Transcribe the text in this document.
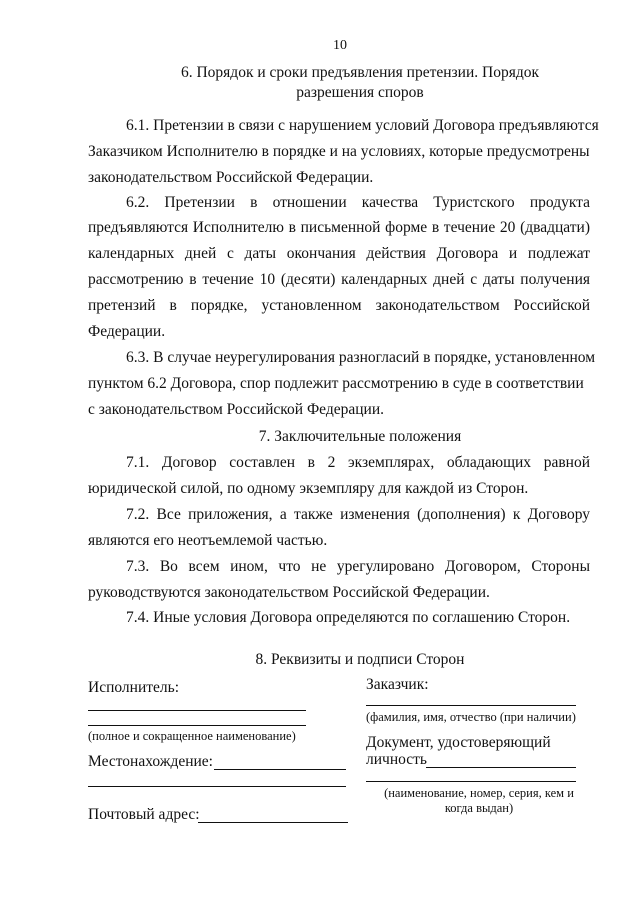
10
6. Порядок и сроки предъявления претензии. Порядок
разрешения споров
6.1. Претензии в связи с нарушением условий Договора предъявляются
Заказчиком Исполнителю в порядке и на условиях, которые предусмотрены
законодательством Российской Федерации.
6.2. Претензии в отношении качества Туристского продукта
предъявляются Исполнителю в письменной форме в течение 20 (двадцати)
календарных дней с даты окончания действия Договора и подлежат
рассмотрению в течение 10 (десяти) календарных дней с даты получения
претензий в порядке, установленном законодательством Российской
Федерации.
6.3. В случае неурегулирования разногласий в порядке, установленном
пунктом 6.2 Договора, спор подлежит рассмотрению в суде в соответствии
с законодательством Российской Федерации.
7. Заключительные положения
7.1. Договор составлен в 2 экземплярах, обладающих равной
юридической силой, по одному экземпляру для каждой из Сторон.
7.2. Все приложения, а также изменения (дополнения) к Договору
являются его неотъемлемой частью.
7.3. Во всем ином, что не урегулировано Договором, Стороны
руководствуются законодательством Российской Федерации.
7.4. Иные условия Договора определяются по соглашению Сторон.
8. Реквизиты и подписи Сторон
Исполнитель:
(полное и сокращенное наименование)
Местонахождение:
Почтовый адрес:
Заказчик:
(фамилия, имя, отчество (при наличии)
Документ, удостоверяющий
личность
(наименование, номер, серия, кем и
когда выдан)
